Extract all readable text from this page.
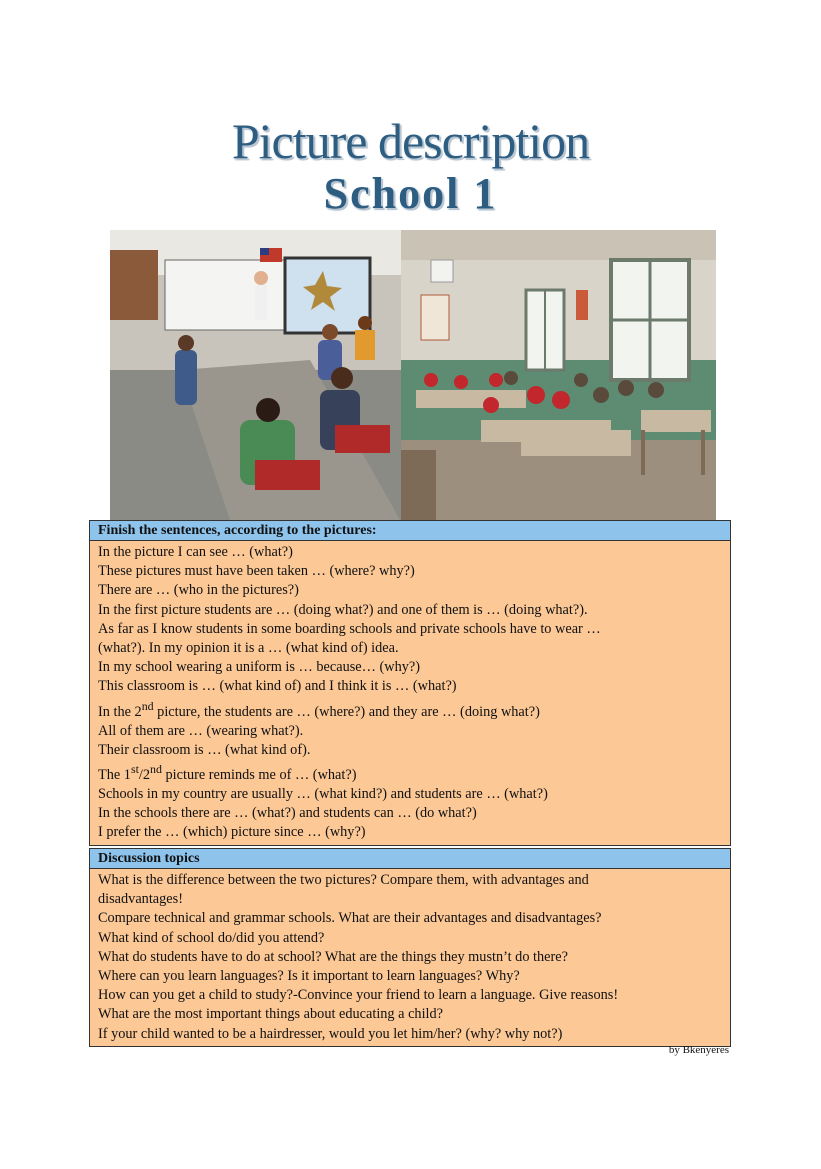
Picture description
School 1
Finish the sentences, according to the pictures:
In the picture I can see … (what?)
These pictures must have been taken … (where? why?)
There are … (who in the pictures?)
In the first picture students are … (doing what?) and one of them is … (doing what?).
As far as I know students in some boarding schools and private schools have to wear …
(what?). In my opinion it is a … (what kind of) idea.
In my school wearing a uniform is … because… (why?)
This classroom is … (what kind of) and I think it is … (what?)
In the 2nd picture, the students are … (where?) and they are … (doing what?)
All of them are … (wearing what?).
Their classroom is … (what kind of).
The 1st/2nd picture reminds me of … (what?)
Schools in my country are usually … (what kind?) and students are … (what?)
In the schools there are … (what?) and students can … (do what?)
I prefer the … (which) picture since … (why?)
Discussion topics
What is the difference between the two pictures? Compare them, with advantages and
disadvantages!
Compare technical and grammar schools. What are their advantages and disadvantages?
What kind of school do/did you attend?
What do students have to do at school? What are the things they mustn’t do there?
Where can you learn languages? Is it important to learn languages? Why?
How can you get a child to study?-Convince your friend to learn a language. Give reasons!
What are the most important things about educating a child?
If your child wanted to be a hairdresser, would you let him/her? (why? why not?)
by Bkenyeres
